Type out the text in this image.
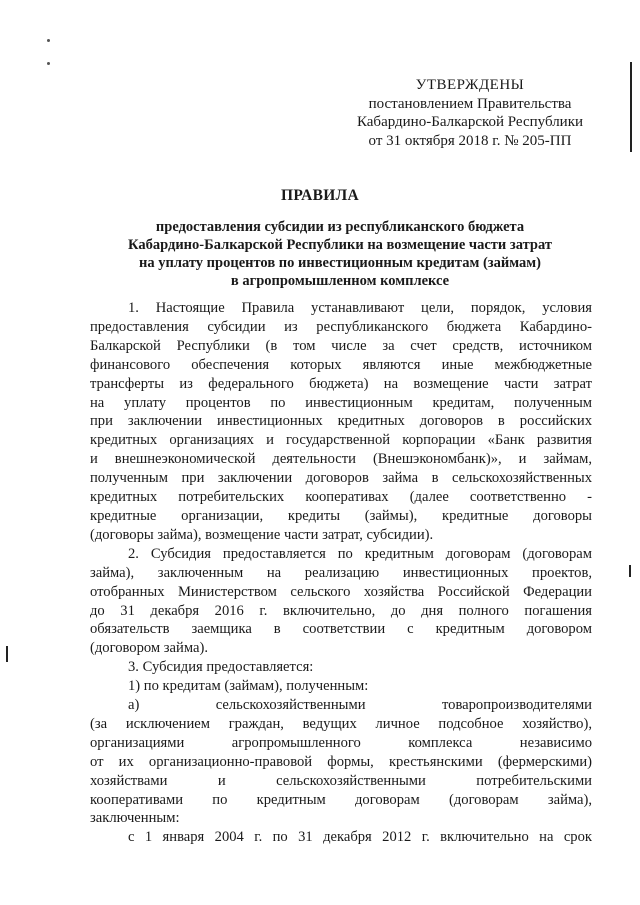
УТВЕРЖДЕНЫ
постановлением Правительства
Кабардино-Балкарской Республики
от 31 октября 2018 г. № 205-ПП
ПРАВИЛА
предоставления субсидии из республиканского бюджета
Кабардино-Балкарской Республики на возмещение части затрат
на уплату процентов по инвестиционным кредитам (займам)
в агропромышленном комплексе
1. Настоящие Правила устанавливают цели, порядок, условия
предоставления субсидии из республиканского бюджета Кабардино-
Балкарской Республики (в том числе за счет средств, источником
финансового обеспечения которых являются иные межбюджетные
трансферты из федерального бюджета) на возмещение части затрат
на уплату процентов по инвестиционным кредитам, полученным
при заключении инвестиционных кредитных договоров в российских
кредитных организациях и государственной корпорации «Банк развития
и внешнеэкономической деятельности (Внешэкономбанк)», и займам,
полученным при заключении договоров займа в сельскохозяйственных
кредитных потребительских кооперативах (далее соответственно -
кредитные организации, кредиты (займы), кредитные договоры
(договоры займа), возмещение части затрат, субсидии).
2. Субсидия предоставляется по кредитным договорам (договорам
займа), заключенным на реализацию инвестиционных проектов,
отобранных Министерством сельского хозяйства Российской Федерации
до 31 декабря 2016 г. включительно, до дня полного погашения
обязательств заемщика в соответствии с кредитным договором
(договором займа).
3. Субсидия предоставляется:
1) по кредитам (займам), полученным:
а) сельскохозяйственными товаропроизводителями
(за исключением граждан, ведущих личное подсобное хозяйство),
организациями агропромышленного комплекса независимо
от их организационно-правовой формы, крестьянскими (фермерскими)
хозяйствами и сельскохозяйственными потребительскими
кооперативами по кредитным договорам (договорам займа),
заключенным:
с 1 января 2004 г. по 31 декабря 2012 г. включительно на срок
